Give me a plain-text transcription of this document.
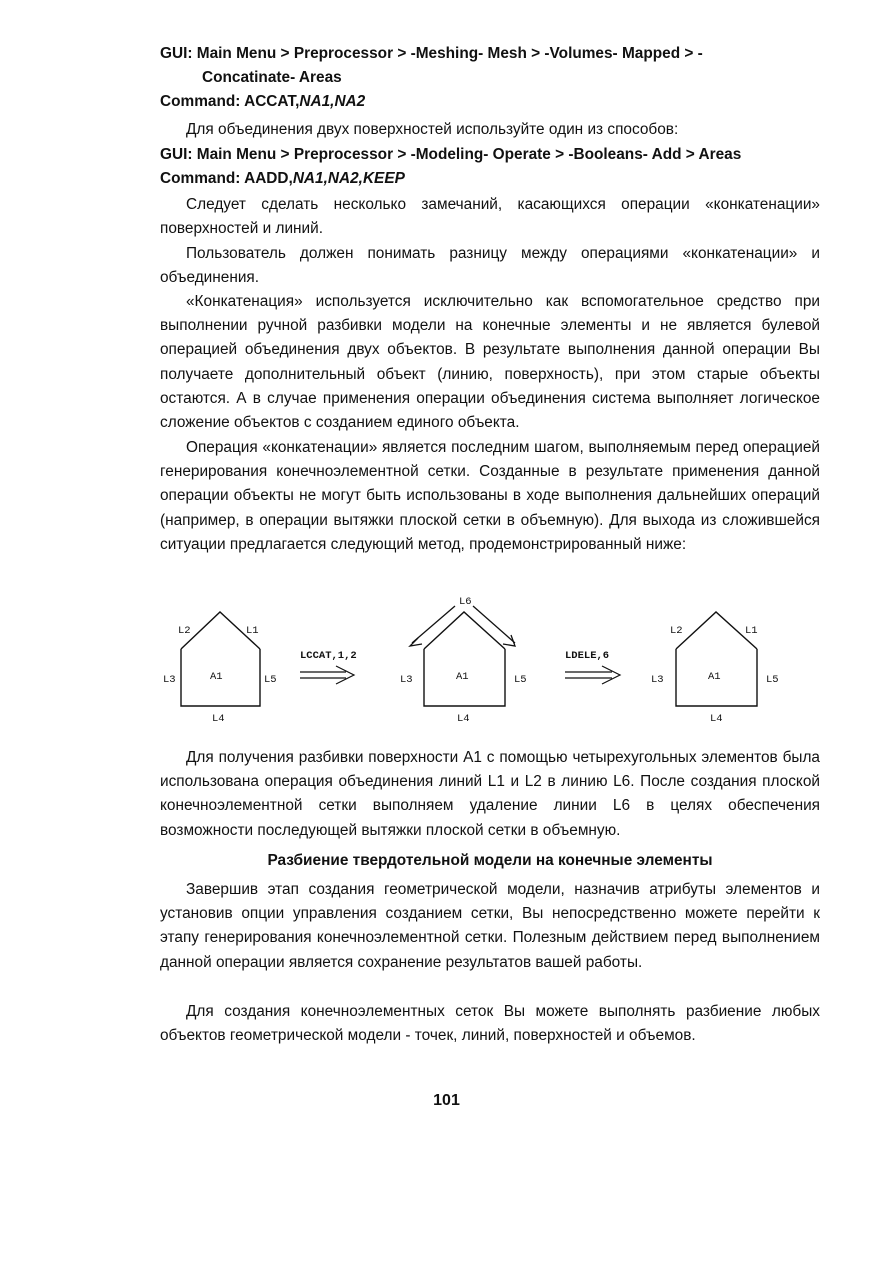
GUI: Main Menu > Preprocessor > -Meshing- Mesh > -Volumes- Mapped > -
Concatinate- Areas
Command: ACCAT,NA1,NA2
Для объединения двух поверхностей используйте один из способов:
GUI: Main Menu > Preprocessor > -Modeling- Operate > -Booleans- Add > Areas
Command: AADD,NA1,NA2,KEEP
Следует сделать несколько замечаний, касающихся операции «конкатенации» поверхностей и линий.
Пользователь должен понимать разницу между операциями «конкатенации» и объединения.
«Конкатенация» используется исключительно как вспомогательное средство при выполнении ручной разбивки модели на конечные элементы и не является булевой операцией объединения двух объектов. В результате выполнения данной операции Вы получаете дополнительный объект (линию, поверхность), при этом старые объекты остаются. А в случае применения операции объединения система выполняет логическое сложение объектов с созданием единого объекта.
Операция «конкатенации» является последним шагом, выполняемым перед операцией генерирования конечноэлементной сетки. Созданные в результате применения данной операции объекты не могут быть использованы в ходе выполнения дальнейших операций (например, в операции вытяжки плоской сетки в объемную). Для выхода из сложившейся ситуации предлагается следующий метод, продемонстрированный ниже:
L2	L1
L3	L5
L4
A1
LCCAT,1,2
L6
L3	L5
L4
A1
LDELE,6
L2	L1
L3	L5
L4
A1
Для получения разбивки поверхности A1 с помощью четырехугольных элементов была использована операция объединения линий L1 и L2 в линию L6. После создания плоской конечноэлементной сетки выполняем удаление линии L6 в целях обеспечения возможности последующей вытяжки плоской сетки в объемную.
Разбиение твердотельной модели на конечные элементы
Завершив этап создания геометрической модели, назначив атрибуты элементов и установив опции управления созданием сетки, Вы непосредственно можете перейти к этапу генерирования конечноэлементной сетки. Полезным действием перед выполнением данной операции является сохранение результатов вашей работы.
Для создания конечноэлементных сеток Вы можете выполнять разбиение любых объектов геометрической модели - точек, линий, поверхностей и объемов.
101
